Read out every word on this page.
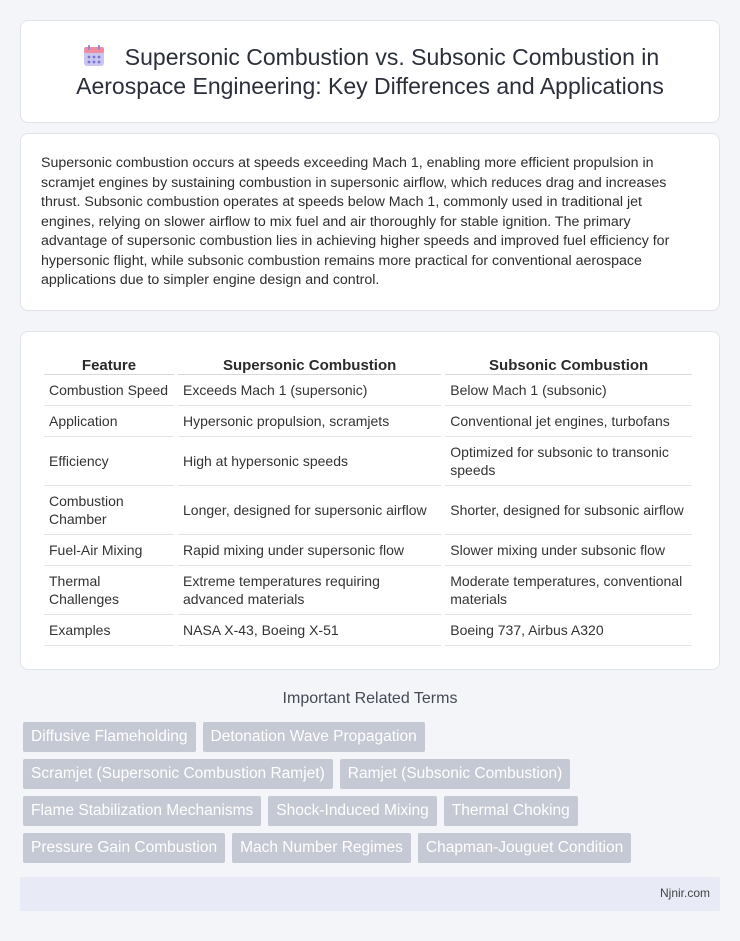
Supersonic Combustion vs. Subsonic Combustion in Aerospace Engineering: Key Differences and Applications

Supersonic combustion occurs at speeds exceeding Mach 1, enabling more efficient propulsion in scramjet engines by sustaining combustion in supersonic airflow, which reduces drag and increases thrust. Subsonic combustion operates at speeds below Mach 1, commonly used in traditional jet engines, relying on slower airflow to mix fuel and air thoroughly for stable ignition. The primary advantage of supersonic combustion lies in achieving higher speeds and improved fuel efficiency for hypersonic flight, while subsonic combustion remains more practical for conventional aerospace applications due to simpler engine design and control.

Feature	Supersonic Combustion	Subsonic Combustion
Combustion Speed	Exceeds Mach 1 (supersonic)	Below Mach 1 (subsonic)
Application	Hypersonic propulsion, scramjets	Conventional jet engines, turbofans
Efficiency	High at hypersonic speeds	Optimized for subsonic to transonic speeds
Combustion Chamber	Longer, designed for supersonic airflow	Shorter, designed for subsonic airflow
Fuel-Air Mixing	Rapid mixing under supersonic flow	Slower mixing under subsonic flow
Thermal Challenges	Extreme temperatures requiring advanced materials	Moderate temperatures, conventional materials
Examples	NASA X-43, Boeing X-51	Boeing 737, Airbus A320
Important Related Terms
Diffusive Flameholding	Detonation Wave Propagation
Scramjet (Supersonic Combustion Ramjet)	Ramjet (Subsonic Combustion)
Flame Stabilization Mechanisms	Shock-Induced Mixing	Thermal Choking
Pressure Gain Combustion	Mach Number Regimes	Chapman-Jouguet Condition
Njnir.com
